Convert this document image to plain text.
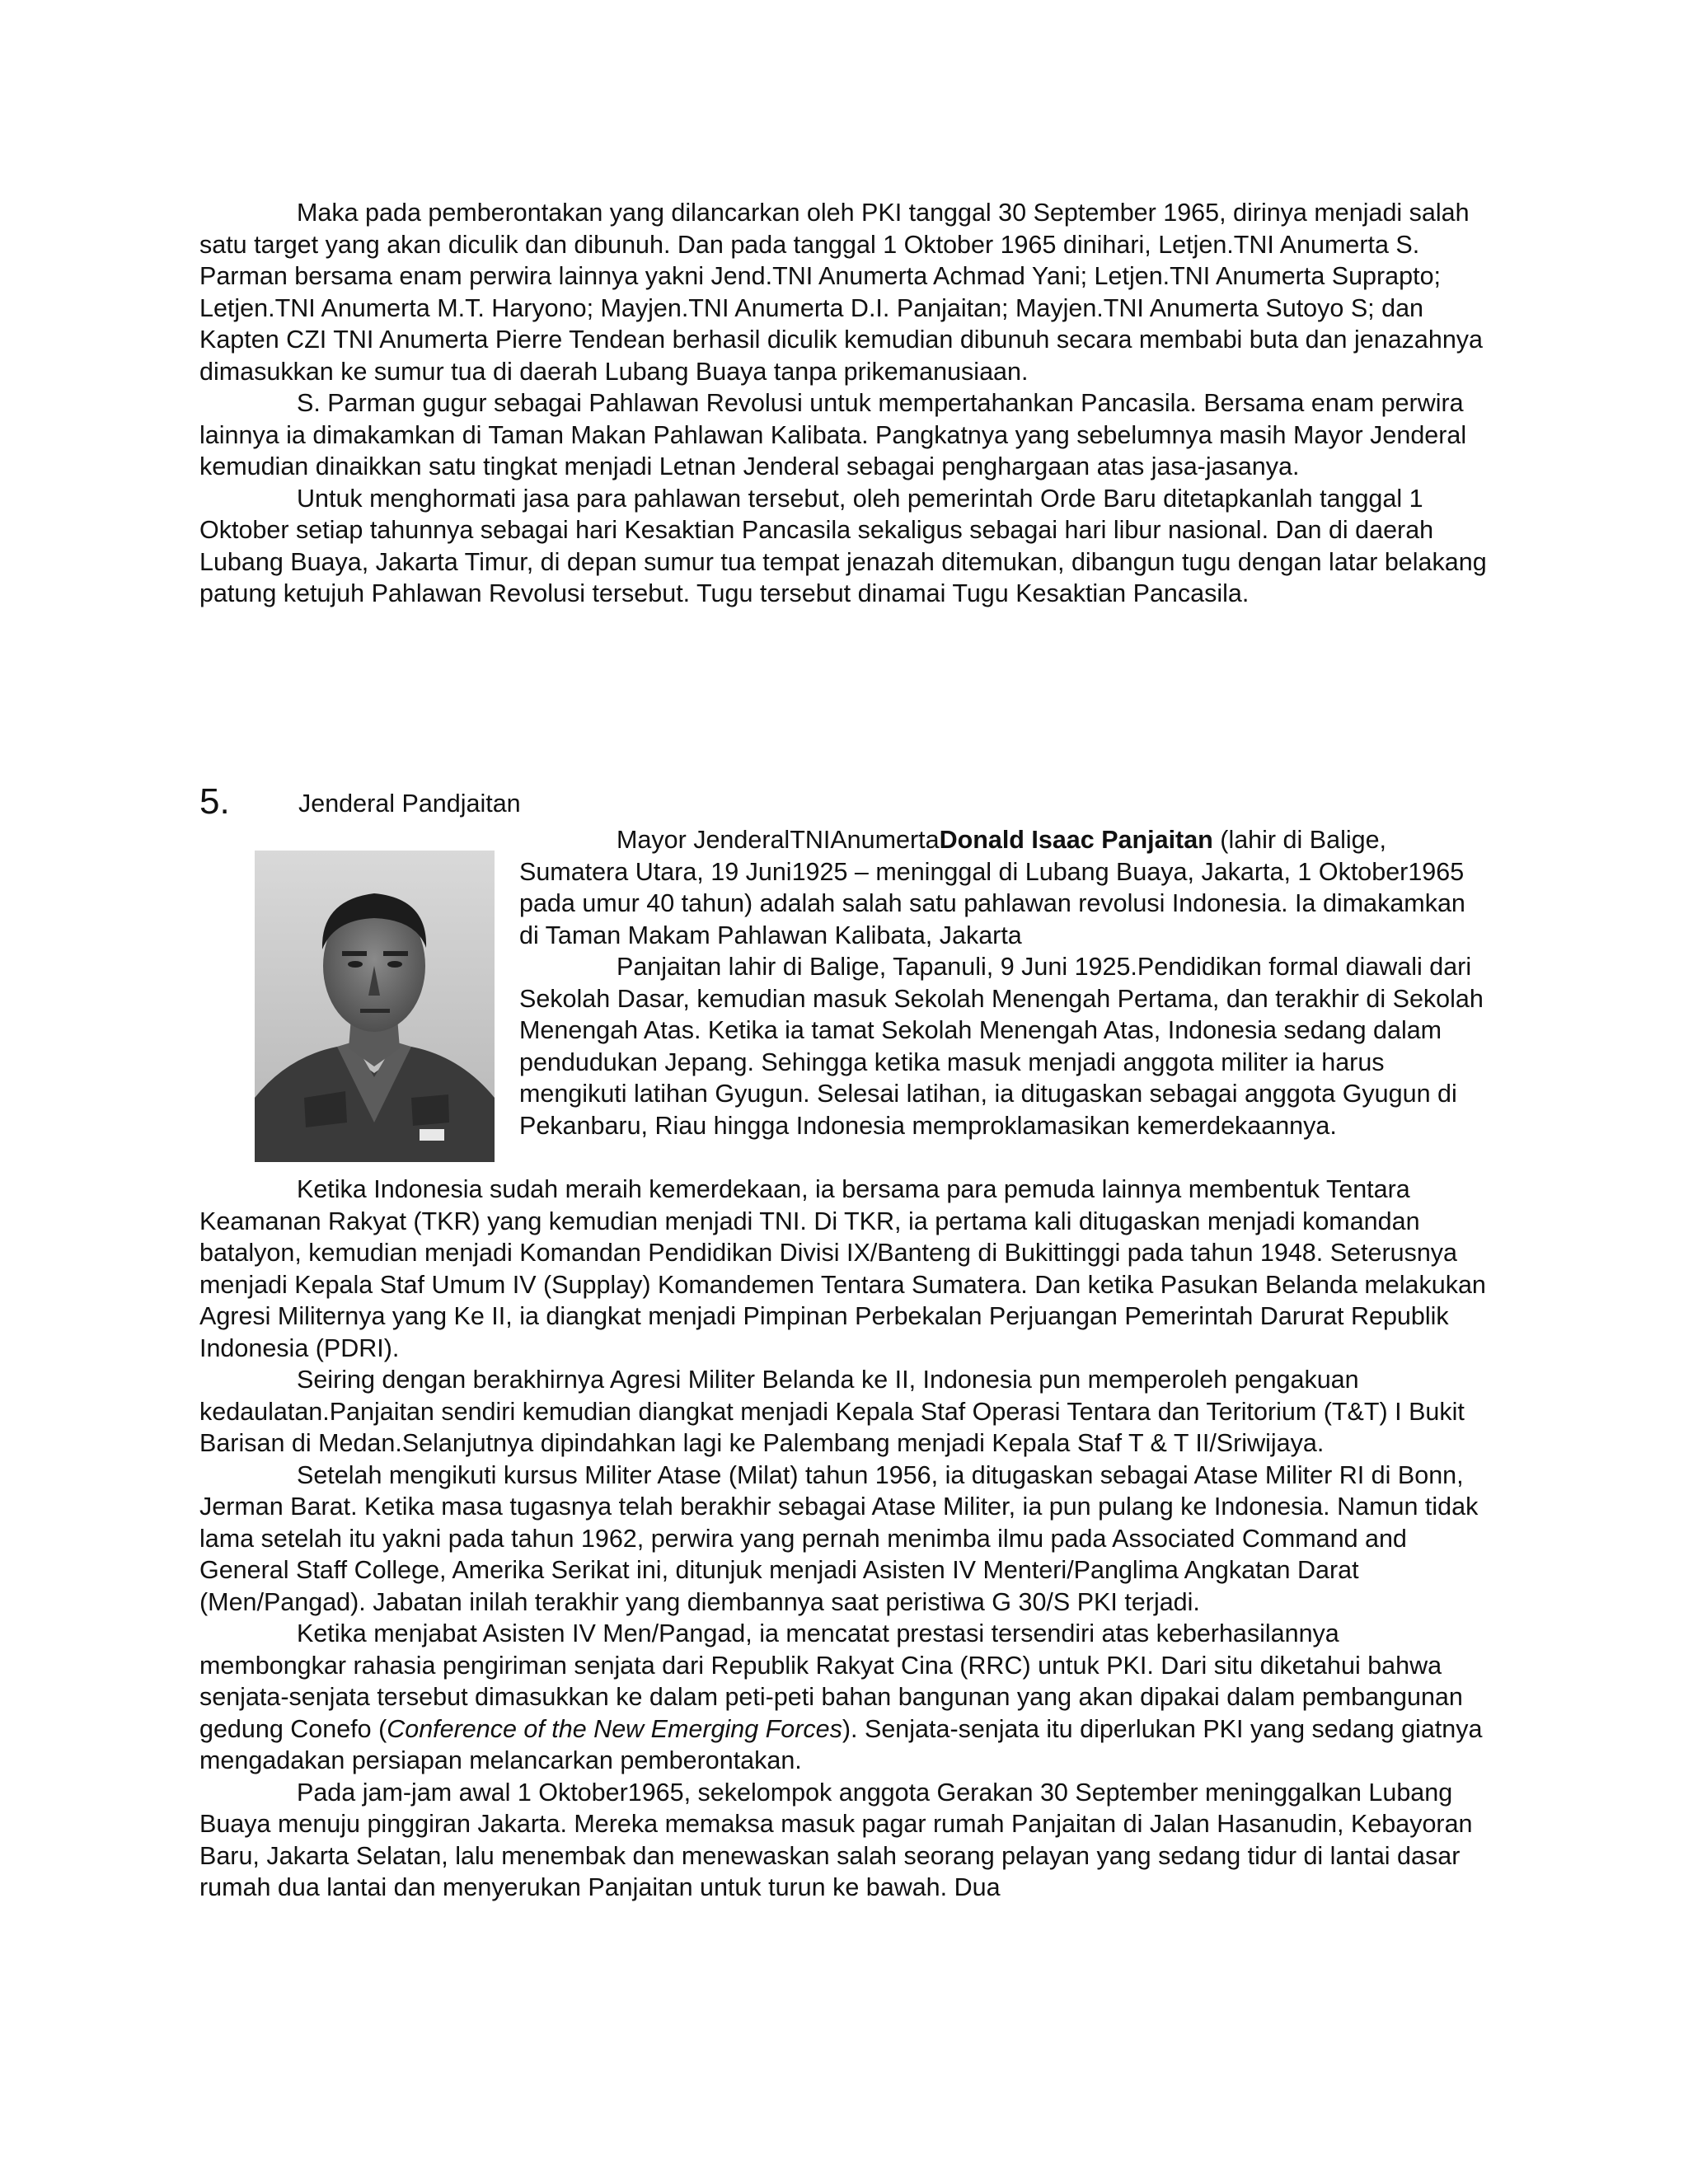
Maka pada pemberontakan yang dilancarkan oleh PKI tanggal 30 September 1965, dirinya menjadi salah satu target yang akan diculik dan dibunuh. Dan pada tanggal 1 Oktober 1965 dinihari, Letjen.TNI Anumerta S. Parman bersama enam perwira lainnya yakni Jend.TNI Anumerta Achmad Yani; Letjen.TNI Anumerta Suprapto; Letjen.TNI Anumerta M.T. Haryono; Mayjen.TNI Anumerta D.I. Panjaitan; Mayjen.TNI Anumerta Sutoyo S; dan Kapten CZI TNI Anumerta Pierre Tendean berhasil diculik kemudian dibunuh secara membabi buta dan jenazahnya dimasukkan ke sumur tua di daerah Lubang Buaya tanpa prikemanusiaan.

S. Parman gugur sebagai Pahlawan Revolusi untuk mempertahankan Pancasila. Bersama enam perwira lainnya ia dimakamkan di Taman Makan Pahlawan Kalibata. Pangkatnya yang sebelumnya masih Mayor Jenderal kemudian dinaikkan satu tingkat menjadi Letnan Jenderal sebagai penghargaan atas jasa-jasanya.

Untuk menghormati jasa para pahlawan tersebut, oleh pemerintah Orde Baru ditetapkanlah tanggal 1 Oktober setiap tahunnya sebagai hari Kesaktian Pancasila sekaligus sebagai hari libur nasional. Dan di daerah Lubang Buaya, Jakarta Timur, di depan sumur tua tempat jenazah ditemukan, dibangun tugu dengan latar belakang patung ketujuh Pahlawan Revolusi tersebut. Tugu tersebut dinamai Tugu Kesaktian Pancasila.

5.	Jenderal Pandjaitan

Mayor JenderalTNIAnumertaDonald Isaac Panjaitan (lahir di Balige, Sumatera Utara, 19 Juni1925 – meninggal di Lubang Buaya, Jakarta, 1 Oktober1965 pada umur 40 tahun) adalah salah satu pahlawan revolusi Indonesia. Ia dimakamkan di Taman Makam Pahlawan Kalibata, Jakarta

Panjaitan lahir di Balige, Tapanuli, 9 Juni 1925.Pendidikan formal diawali dari Sekolah Dasar, kemudian masuk Sekolah Menengah Pertama, dan terakhir di Sekolah Menengah Atas. Ketika ia tamat Sekolah Menengah Atas, Indonesia sedang dalam pendudukan Jepang. Sehingga ketika masuk menjadi anggota militer ia harus mengikuti latihan Gyugun. Selesai latihan, ia ditugaskan sebagai anggota Gyugun di Pekanbaru, Riau hingga Indonesia memproklamasikan kemerdekaannya.

Ketika Indonesia sudah meraih kemerdekaan, ia bersama para pemuda lainnya membentuk Tentara Keamanan Rakyat (TKR) yang kemudian menjadi TNI. Di TKR, ia pertama kali ditugaskan menjadi komandan batalyon, kemudian menjadi Komandan Pendidikan Divisi IX/Banteng di Bukittinggi pada tahun 1948. Seterusnya menjadi Kepala Staf Umum IV (Supplay) Komandemen Tentara Sumatera. Dan ketika Pasukan Belanda melakukan Agresi Militernya yang Ke II, ia diangkat menjadi Pimpinan Perbekalan Perjuangan Pemerintah Darurat Republik Indonesia (PDRI).

Seiring dengan berakhirnya Agresi Militer Belanda ke II, Indonesia pun memperoleh pengakuan kedaulatan.Panjaitan sendiri kemudian diangkat menjadi Kepala Staf Operasi Tentara dan Teritorium (T&T) I Bukit Barisan di Medan.Selanjutnya dipindahkan lagi ke Palembang menjadi Kepala Staf T & T II/Sriwijaya.

Setelah mengikuti kursus Militer Atase (Milat) tahun 1956, ia ditugaskan sebagai Atase Militer RI di Bonn, Jerman Barat. Ketika masa tugasnya telah berakhir sebagai Atase Militer, ia pun pulang ke Indonesia. Namun tidak lama setelah itu yakni pada tahun 1962, perwira yang pernah menimba ilmu pada Associated Command and General Staff College, Amerika Serikat ini, ditunjuk menjadi Asisten IV Menteri/Panglima Angkatan Darat (Men/Pangad). Jabatan inilah terakhir yang diembannya saat peristiwa G 30/S PKI terjadi.

Ketika menjabat Asisten IV Men/Pangad, ia mencatat prestasi tersendiri atas keberhasilannya membongkar rahasia pengiriman senjata dari Republik Rakyat Cina (RRC) untuk PKI. Dari situ diketahui bahwa senjata-senjata tersebut dimasukkan ke dalam peti-peti bahan bangunan yang akan dipakai dalam pembangunan gedung Conefo (Conference of the New Emerging Forces). Senjata-senjata itu diperlukan PKI yang sedang giatnya mengadakan persiapan melancarkan pemberontakan.

Pada jam-jam awal 1 Oktober1965, sekelompok anggota Gerakan 30 September meninggalkan Lubang Buaya menuju pinggiran Jakarta. Mereka memaksa masuk pagar rumah Panjaitan di Jalan Hasanudin, Kebayoran Baru, Jakarta Selatan, lalu menembak dan menewaskan salah seorang pelayan yang sedang tidur di lantai dasar rumah dua lantai dan menyerukan Panjaitan untuk turun ke bawah. Dua
